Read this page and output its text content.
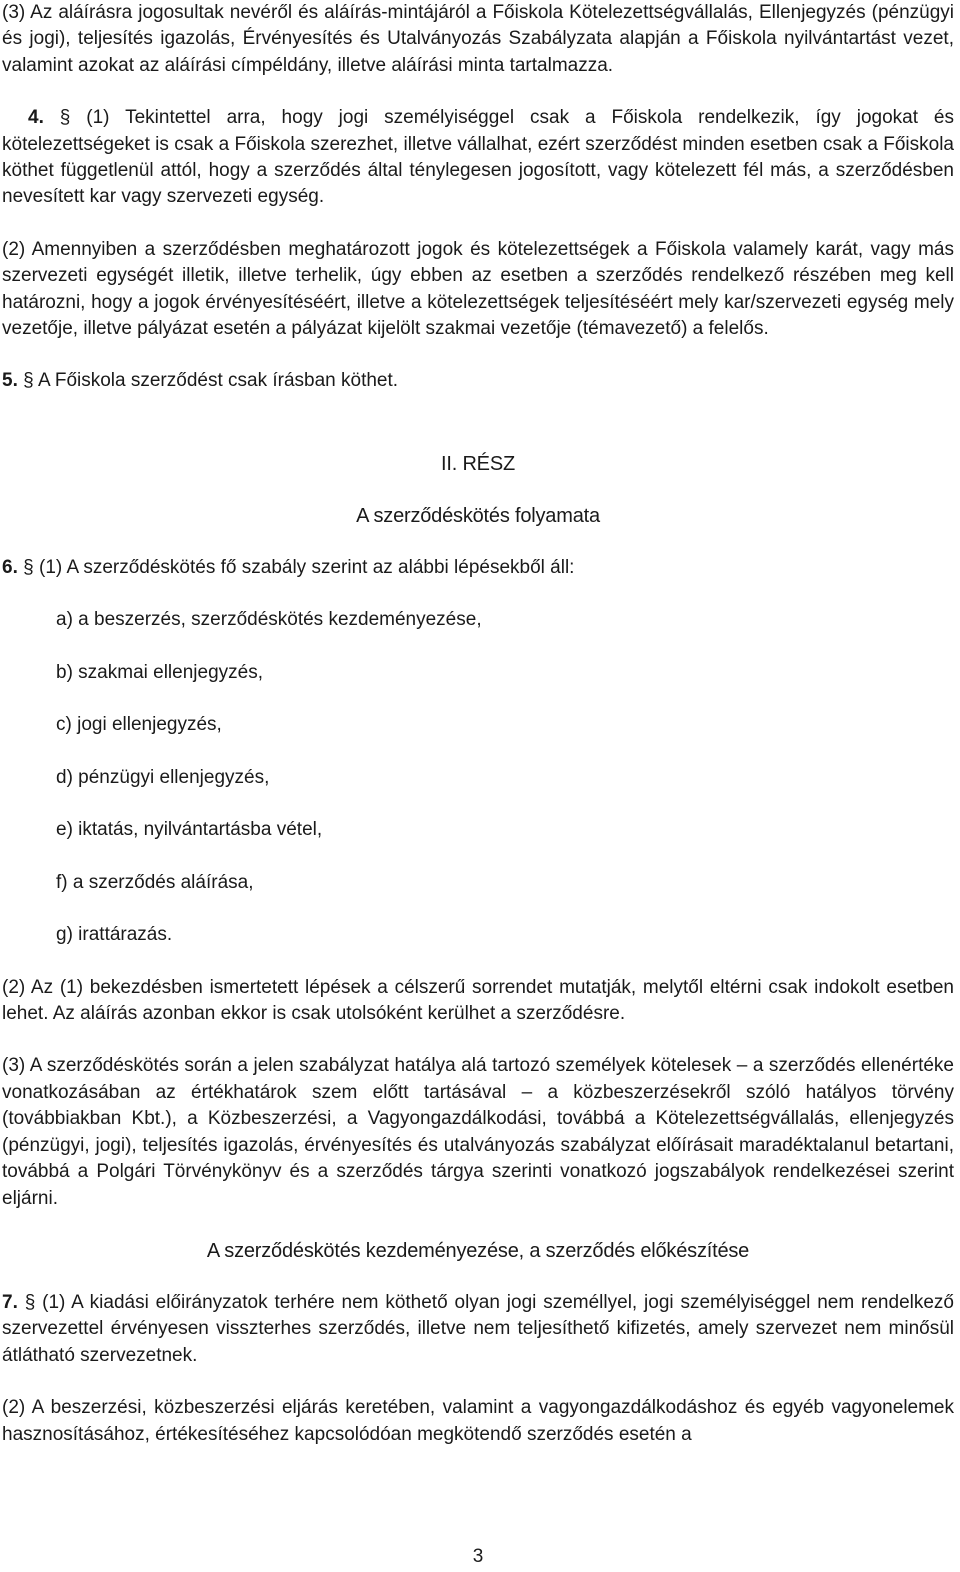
(3) Az aláírásra jogosultak nevéről és aláírás-mintájáról a Főiskola Kötelezettségvállalás, Ellenjegyzés (pénzügyi és jogi), teljesítés igazolás, Érvényesítés és Utalványozás Szabályzata alapján a Főiskola nyilvántartást vezet, valamint azokat az aláírási címpéldány, illetve aláírási minta tartalmazza.

4. § (1) Tekintettel arra, hogy jogi személyiséggel csak a Főiskola rendelkezik, így jogokat és kötelezettségeket is csak a Főiskola szerezhet, illetve vállalhat, ezért szerződést minden esetben csak a Főiskola köthet függetlenül attól, hogy a szerződés által ténylegesen jogosított, vagy kötelezett fél más, a szerződésben nevesített kar vagy szervezeti egység.

(2) Amennyiben a szerződésben meghatározott jogok és kötelezettségek a Főiskola valamely karát, vagy más szervezeti egységét illetik, illetve terhelik, úgy ebben az esetben a szerződés rendelkező részében meg kell határozni, hogy a jogok érvényesítéséért, illetve a kötelezettségek teljesítéséért mely kar/szervezeti egység mely vezetője, illetve pályázat esetén a pályázat kijelölt szakmai vezetője (témavezető) a felelős.

5. § A Főiskola szerződést csak írásban köthet.

II. RÉSZ

A szerződéskötés folyamata

6. § (1) A szerződéskötés fő szabály szerint az alábbi lépésekből áll:

a) a beszerzés, szerződéskötés kezdeményezése,

b) szakmai ellenjegyzés,

c) jogi ellenjegyzés,

d) pénzügyi ellenjegyzés,

e) iktatás, nyilvántartásba vétel,

f) a szerződés aláírása,

g) irattárazás.

(2) Az (1) bekezdésben ismertetett lépések a célszerű sorrendet mutatják, melytől eltérni csak indokolt esetben lehet. Az aláírás azonban ekkor is csak utolsóként kerülhet a szerződésre.

(3) A szerződéskötés során a jelen szabályzat hatálya alá tartozó személyek kötelesek – a szerződés ellenértéke vonatkozásában az értékhatárok szem előtt tartásával – a közbeszerzésekről szóló hatályos törvény (továbbiakban Kbt.), a Közbeszerzési, a Vagyongazdálkodási, továbbá a Kötelezettségvállalás, ellenjegyzés (pénzügyi, jogi), teljesítés igazolás, érvényesítés és utalványozás szabályzat előírásait maradéktalanul betartani, továbbá a Polgári Törvénykönyv és a szerződés tárgya szerinti vonatkozó jogszabályok rendelkezései szerint eljárni.

A szerződéskötés kezdeményezése, a szerződés előkészítése

7. § (1) A kiadási előirányzatok terhére nem köthető olyan jogi személlyel, jogi személyiséggel nem rendelkező szervezettel érvényesen visszterhes szerződés, illetve nem teljesíthető kifizetés, amely szervezet nem minősül átlátható szervezetnek.

(2) A beszerzési, közbeszerzési eljárás keretében, valamint a vagyongazdálkodáshoz és egyéb vagyonelemek hasznosításához, értékesítéséhez kapcsolódóan megkötendő szerződés esetén a

3
